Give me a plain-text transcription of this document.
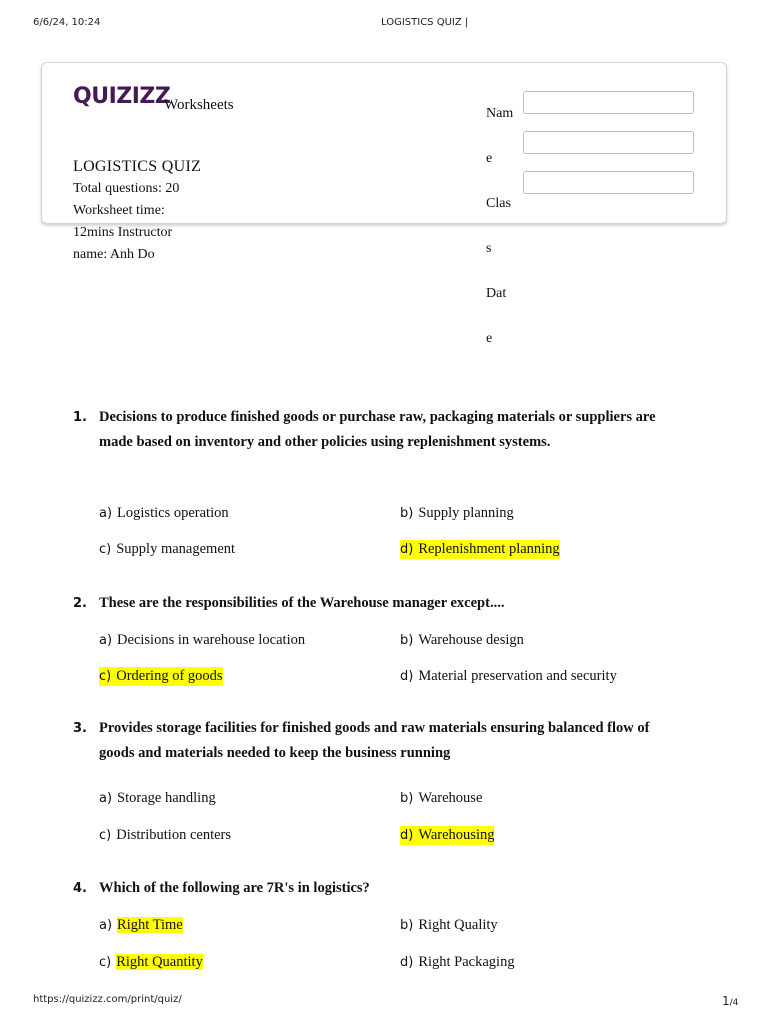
6/6/24, 10:24	LOGISTICS QUIZ |
QUIZIZZ
Worksheets
LOGISTICS QUIZ
Total questions: 20
Worksheet time:
12mins Instructor
name: Anh Do
Nam
e
Clas
s
Dat
e
1. Decisions to produce finished goods or purchase raw, packaging materials or suppliers are made based on inventory and other policies using replenishment systems.
a) Logistics operation	b) Supply planning
c) Supply management	d) Replenishment planning
2. These are the responsibilities of the Warehouse manager except....
a) Decisions in warehouse location	b) Warehouse design
c) Ordering of goods	d) Material preservation and security
3. Provides storage facilities for finished goods and raw materials ensuring balanced flow of goods and materials needed to keep the business running
a) Storage handling	b) Warehouse
c) Distribution centers	d) Warehousing
4. Which of the following are 7R's in logistics?
a) Right Time	b) Right Quality
c) Right Quantity	d) Right Packaging
https://quizizz.com/print/quiz/	1/4
